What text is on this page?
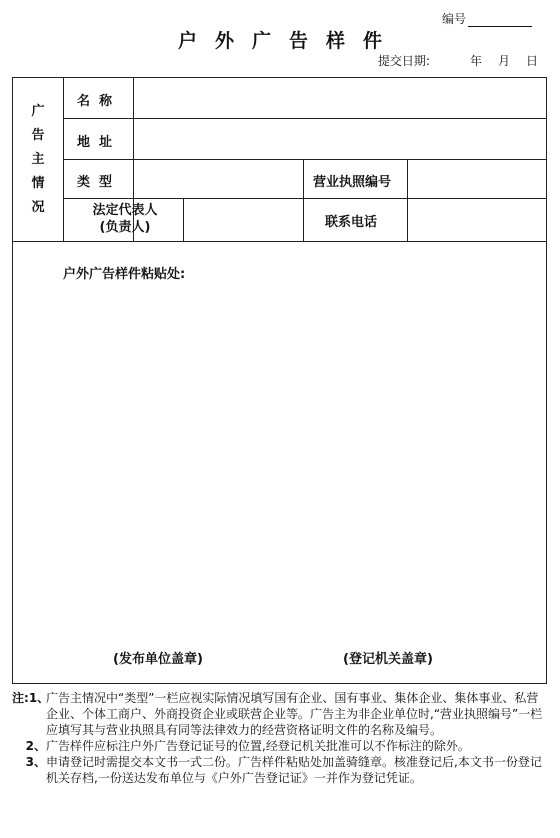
编号
户外广告样件
提交日期:	年 月 日
广
告
主
情
况
名  称
地  址
类  型	营业执照编号
法定代表人
(负责人)	联系电话
户外广告样件粘贴处:
(发布单位盖章)	(登记机关盖章)
注:1、
广告主情况中“类型”一栏应视实际情况填写国有企业、国有事业、集体企业、集体事业、私营企业、个体工商户、外商投资企业或联营企业等。广告主为非企业单位时,“营业执照编号”一栏应填写其与营业执照具有同等法律效力的经营资格证明文件的名称及编号。
2、 广告样件应标注户外广告登记证号的位置,经登记机关批准可以不作标注的除外。
3、 申请登记时需提交本文书一式二份。广告样件粘贴处加盖骑缝章。核准登记后,本文书一份登记机关存档,一份送达发布单位与《户外广告登记证》一并作为登记凭证。
